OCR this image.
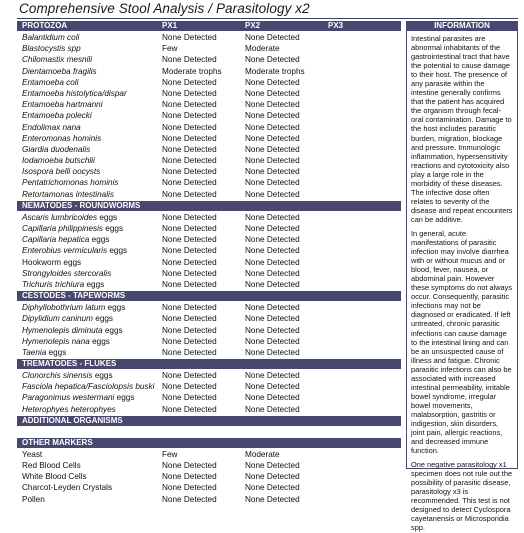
Comprehensive Stool Analysis / Parasitology x2
PROTOZOA	PX1	PX2	PX3
Balantidium coli	None Detected	None Detected
Blastocystis spp	Few	Moderate
Chilomastix mesnili	None Detected	None Detected
Dientamoeba fragilis	Moderate trophs	Moderate trophs
Entamoeba coli	None Detected	None Detected
Entamoeba histolytica/dispar	None Detected	None Detected
Entamoeba hartmanni	None Detected	None Detected
Entamoeba polecki	None Detected	None Detected
Endolimax nana	None Detected	None Detected
Enteromonas hominis	None Detected	None Detected
Giardia duodenalis	None Detected	None Detected
Iodamoeba butschlii	None Detected	None Detected
Isospora belli oocysts	None Detected	None Detected
Pentatrichomonas hominis	None Detected	None Detected
Retortamonas intestinalis	None Detected	None Detected
NEMATODES - ROUNDWORMS
Ascaris lumbricoides eggs	None Detected	None Detected
Capillaria philippinesis eggs	None Detected	None Detected
Capillaria hepatica eggs	None Detected	None Detected
Enterobius vermicularis eggs	None Detected	None Detected
Hookworm eggs	None Detected	None Detected
Strongyloides stercoralis	None Detected	None Detected
Trichuris trichiura eggs	None Detected	None Detected
CESTODES - TAPEWORMS
Diphyllobothrium latum eggs	None Detected	None Detected
Dipylidium caninum eggs	None Detected	None Detected
Hymenolepis diminuta eggs	None Detected	None Detected
Hymenolepis nana eggs	None Detected	None Detected
Taenia eggs	None Detected	None Detected
TREMATODES - FLUKES
Clonorchis sinensis eggs	None Detected	None Detected
Fasciola hepatica/Fasciolopsis buski None Detected	None Detected
Paragonimus westermani eggs	None Detected	None Detected
Heterophyes heterophyes	None Detected	None Detected
ADDITIONAL ORGANISMS
OTHER MARKERS
Yeast	Few	Moderate
Red Blood Cells	None Detected	None Detected
White Blood Cells	None Detected	None Detected
Charcot-Leyden Crystals	None Detected	None Detected
Pollen	None Detected	None Detected
INFORMATION

Intestinal parasites are abnormal inhabitants of the gastrointestinal tract that have the potential to cause damage to their host. The presence of any parasite within the intestine generally confirms that the patient has acquired the organism through fecal-oral contamination. Damage to the host includes parasitic burden, migration, blockage and pressure. Immunologic inflammation, hypersensitivity reactions and cytotoxicity also play a large role in the morbidity of these diseases. The infective dose often relates to severity of the disease and repeat encounters can be additive.

In general, acute manifestations of parasitic infection may involve diarrhea with or without mucus and or blood, fever, nausea, or abdominal pain. However these symptoms do not always occur. Consequently, parasitic infections may not be diagnosed or eradicated. If left untreated, chronic parasitic infections can cause damage to the intestinal lining and can be an unsuspected cause of illness and fatigue. Chronic parasitic infections can also be associated with increased intestinal permeability, irritable bowel syndrome, irregular bowel movements, malabsorption, gastritis or indigestion, skin disorders, joint pain, allergic reactions, and decreased immune function.

One negative parasitology x1 specimen does not rule out the possibility of parasitic disease, parasitology x3 is recommended. This test is not designed to detect Cyclospora cayetanensis or Microsporidia spp.
